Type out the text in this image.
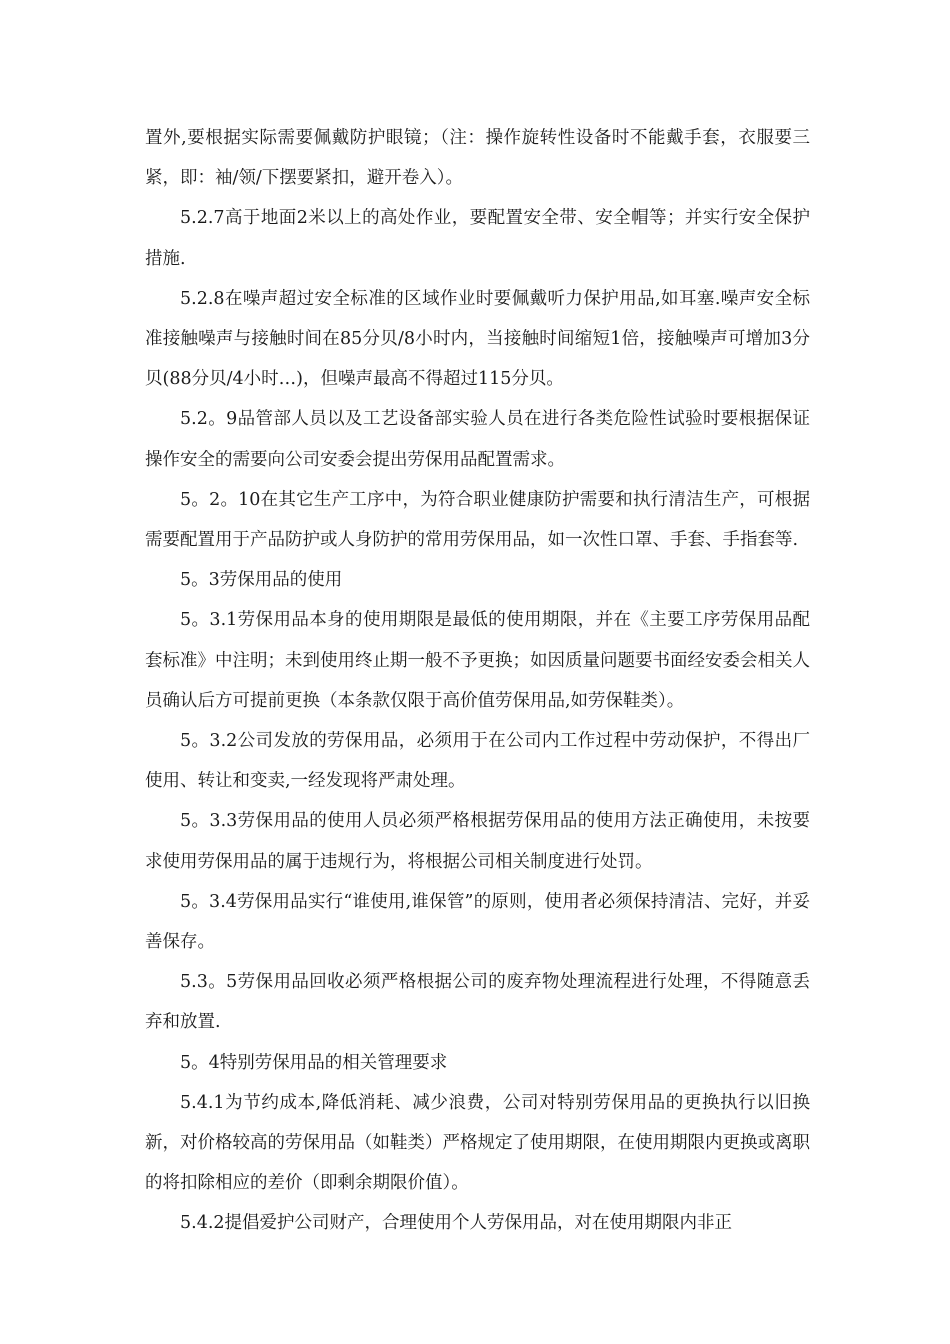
置外,要根据实际需要佩戴防护眼镜；（注：操作旋转性设备时不能戴手套，衣服要三紧，即：袖/领/下摆要紧扣，避开卷入）。

5.2.7高于地面2米以上的高处作业，要配置安全带、安全帽等；并实行安全保护措施.

5.2.8在噪声超过安全标准的区域作业时要佩戴听力保护用品,如耳塞.噪声安全标准接触噪声与接触时间在85分贝/8小时内，当接触时间缩短1倍，接触噪声可增加3分贝(88分贝/4小时…)，但噪声最高不得超过115分贝。

5.2。9品管部人员以及工艺设备部实验人员在进行各类危险性试验时要根据保证操作安全的需要向公司安委会提出劳保用品配置需求。

5。2。10在其它生产工序中，为符合职业健康防护需要和执行清洁生产，可根据需要配置用于产品防护或人身防护的常用劳保用品，如一次性口罩、手套、手指套等.

5。3劳保用品的使用

5。3.1劳保用品本身的使用期限是最低的使用期限，并在《主要工序劳保用品配套标准》中注明；未到使用终止期一般不予更换；如因质量问题要书面经安委会相关人员确认后方可提前更换（本条款仅限于高价值劳保用品,如劳保鞋类）。

5。3.2公司发放的劳保用品，必须用于在公司内工作过程中劳动保护，不得出厂使用、转让和变卖,一经发现将严肃处理。

5。3.3劳保用品的使用人员必须严格根据劳保用品的使用方法正确使用，未按要求使用劳保用品的属于违规行为，将根据公司相关制度进行处罚。

5。3.4劳保用品实行“谁使用,谁保管”的原则，使用者必须保持清洁、完好，并妥善保存。

5.3。5劳保用品回收必须严格根据公司的废弃物处理流程进行处理，不得随意丢弃和放置.

5。4特别劳保用品的相关管理要求

5.4.1为节约成本,降低消耗、减少浪费，公司对特别劳保用品的更换执行以旧换新，对价格较高的劳保用品（如鞋类）严格规定了使用期限，在使用期限内更换或离职的将扣除相应的差价（即剩余期限价值）。

5.4.2提倡爱护公司财产，合理使用个人劳保用品，对在使用期限内非正
